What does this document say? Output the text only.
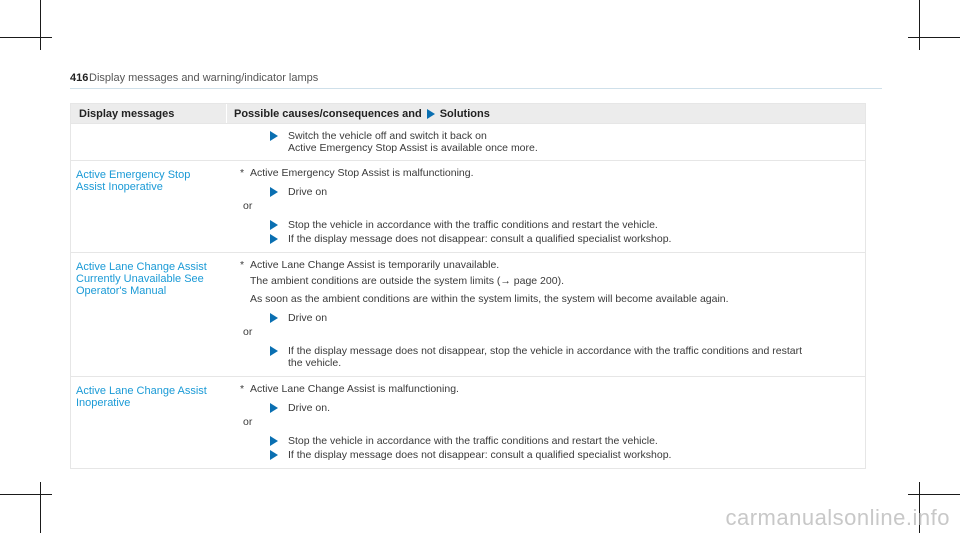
416 Display messages and warning/indicator lamps
Display messages	Possible causes/consequences and Solutions
Switch the vehicle off and switch it back on
Active Emergency Stop Assist is available once more.
Active Emergency Stop
Assist Inoperative
* Active Emergency Stop Assist is malfunctioning.
Drive on
or
Stop the vehicle in accordance with the traffic conditions and restart the vehicle.
If the display message does not disappear: consult a qualified specialist workshop.
Active Lane Change Assist
Currently Unavailable See
Operator's Manual
* Active Lane Change Assist is temporarily unavailable.
The ambient conditions are outside the system limits (→ page 200).
As soon as the ambient conditions are within the system limits, the system will become available again.
Drive on
or
If the display message does not disappear, stop the vehicle in accordance with the traffic conditions and restart
the vehicle.
Active Lane Change Assist
Inoperative
* Active Lane Change Assist is malfunctioning.
Drive on.
or
Stop the vehicle in accordance with the traffic conditions and restart the vehicle.
If the display message does not disappear: consult a qualified specialist workshop.
carmanualsonline.info
